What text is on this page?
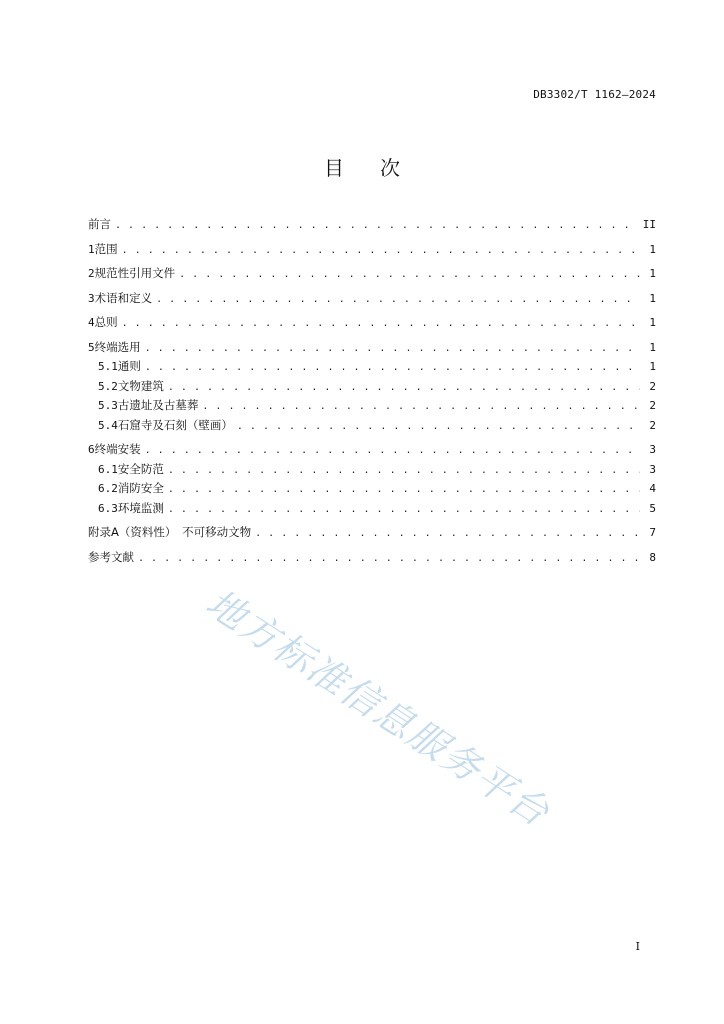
DB3302/T 1162—2024
目次
前言 . . .	II
1 范围 . . .	1
2 规范性引用文件 . . .	1
3 术语和定义 . . .	1
4 总则 . . .	1
5 终端选用 . . .	1
5.1 通则 . . .	1
5.2 文物建筑 . . .	2
5.3 古遗址及古墓葬 . . .	2
5.4 石窟寺及石刻（壁画） . . .	2
6 终端安装 . . .	3
6.1 安全防范 . . .	3
6.2 消防安全 . . .	4
6.3 环境监测 . . .	5
附录A（资料性）　不可移动文物 . . .	7
参考文献 . . .	8
地方标准信息服务平台
I
